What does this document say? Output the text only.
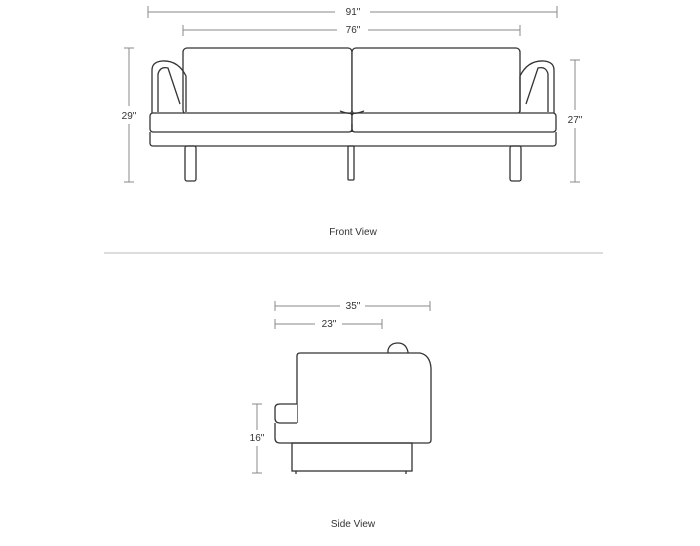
91"
76"
29"	27"
Front View
35"
23"
16"
Side View
